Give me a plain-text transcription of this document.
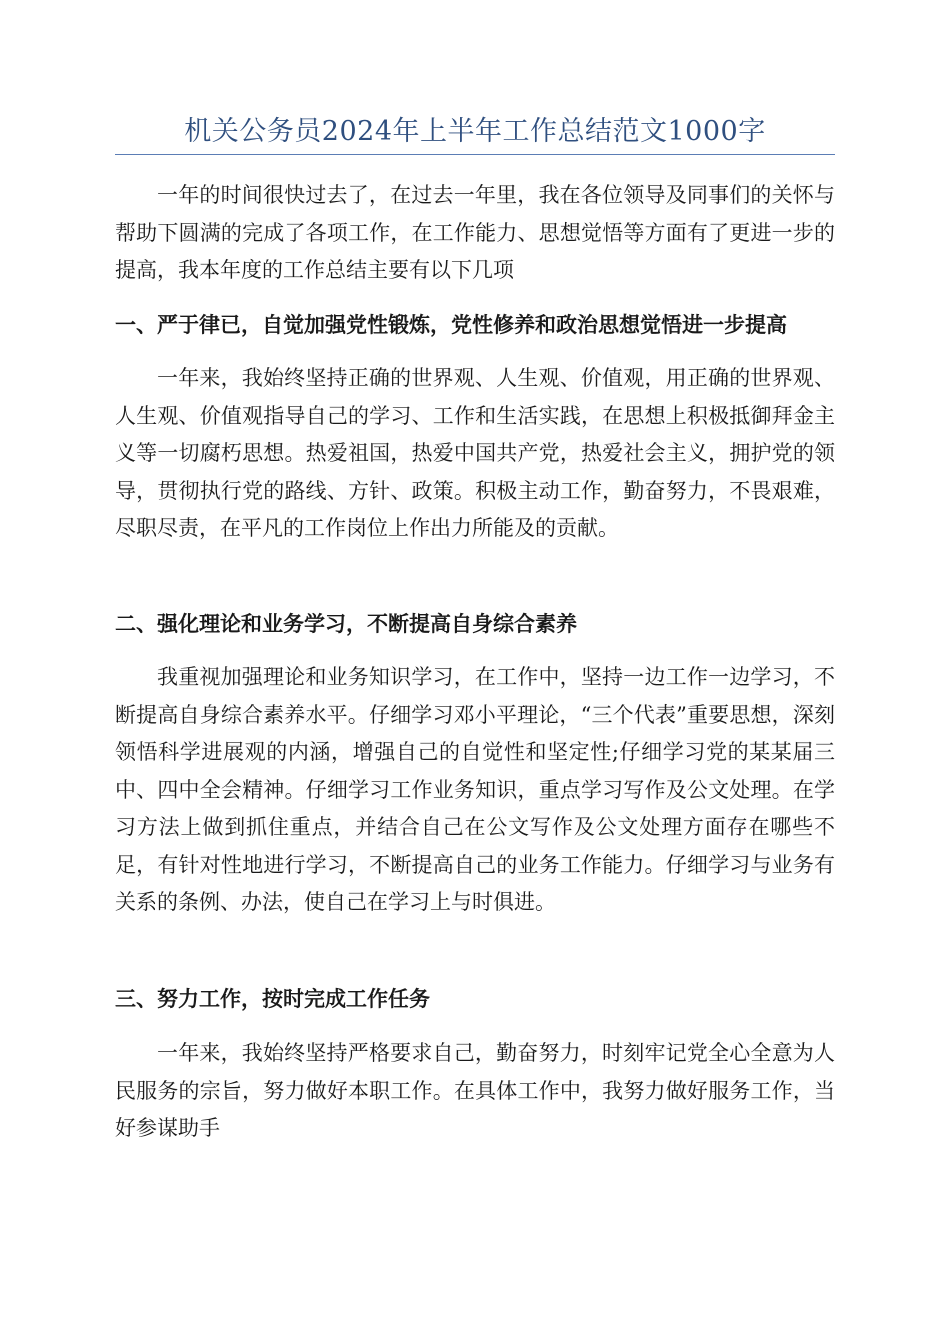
机关公务员2024年上半年工作总结范文1000字

一年的时间很快过去了，在过去一年里，我在各位领导及同事们的关怀与帮助下圆满的完成了各项工作，在工作能力、思想觉悟等方面有了更进一步的提高，我本年度的工作总结主要有以下几项

一、严于律已，自觉加强党性锻炼，党性修养和政治思想觉悟进一步提高

一年来，我始终坚持正确的世界观、人生观、价值观，用正确的世界观、人生观、价值观指导自己的学习、工作和生活实践，在思想上积极抵御拜金主义等一切腐朽思想。热爱祖国，热爱中国共产党，热爱社会主义，拥护党的领导，贯彻执行党的路线、方针、政策。积极主动工作，勤奋努力，不畏艰难，尽职尽责，在平凡的工作岗位上作出力所能及的贡献。

二、强化理论和业务学习，不断提高自身综合素养

我重视加强理论和业务知识学习，在工作中，坚持一边工作一边学习，不断提高自身综合素养水平。仔细学习邓小平理论，“三个代表”重要思想，深刻领悟科学进展观的内涵，增强自己的自觉性和坚定性;仔细学习党的某某届三中、四中全会精神。仔细学习工作业务知识，重点学习写作及公文处理。在学习方法上做到抓住重点，并结合自己在公文写作及公文处理方面存在哪些不足，有针对性地进行学习，不断提高自己的业务工作能力。仔细学习与业务有关系的条例、办法，使自己在学习上与时俱进。

三、努力工作，按时完成工作任务

一年来，我始终坚持严格要求自己，勤奋努力，时刻牢记党全心全意为人民服务的宗旨，努力做好本职工作。在具体工作中，我努力做好服务工作，当好参谋助手
